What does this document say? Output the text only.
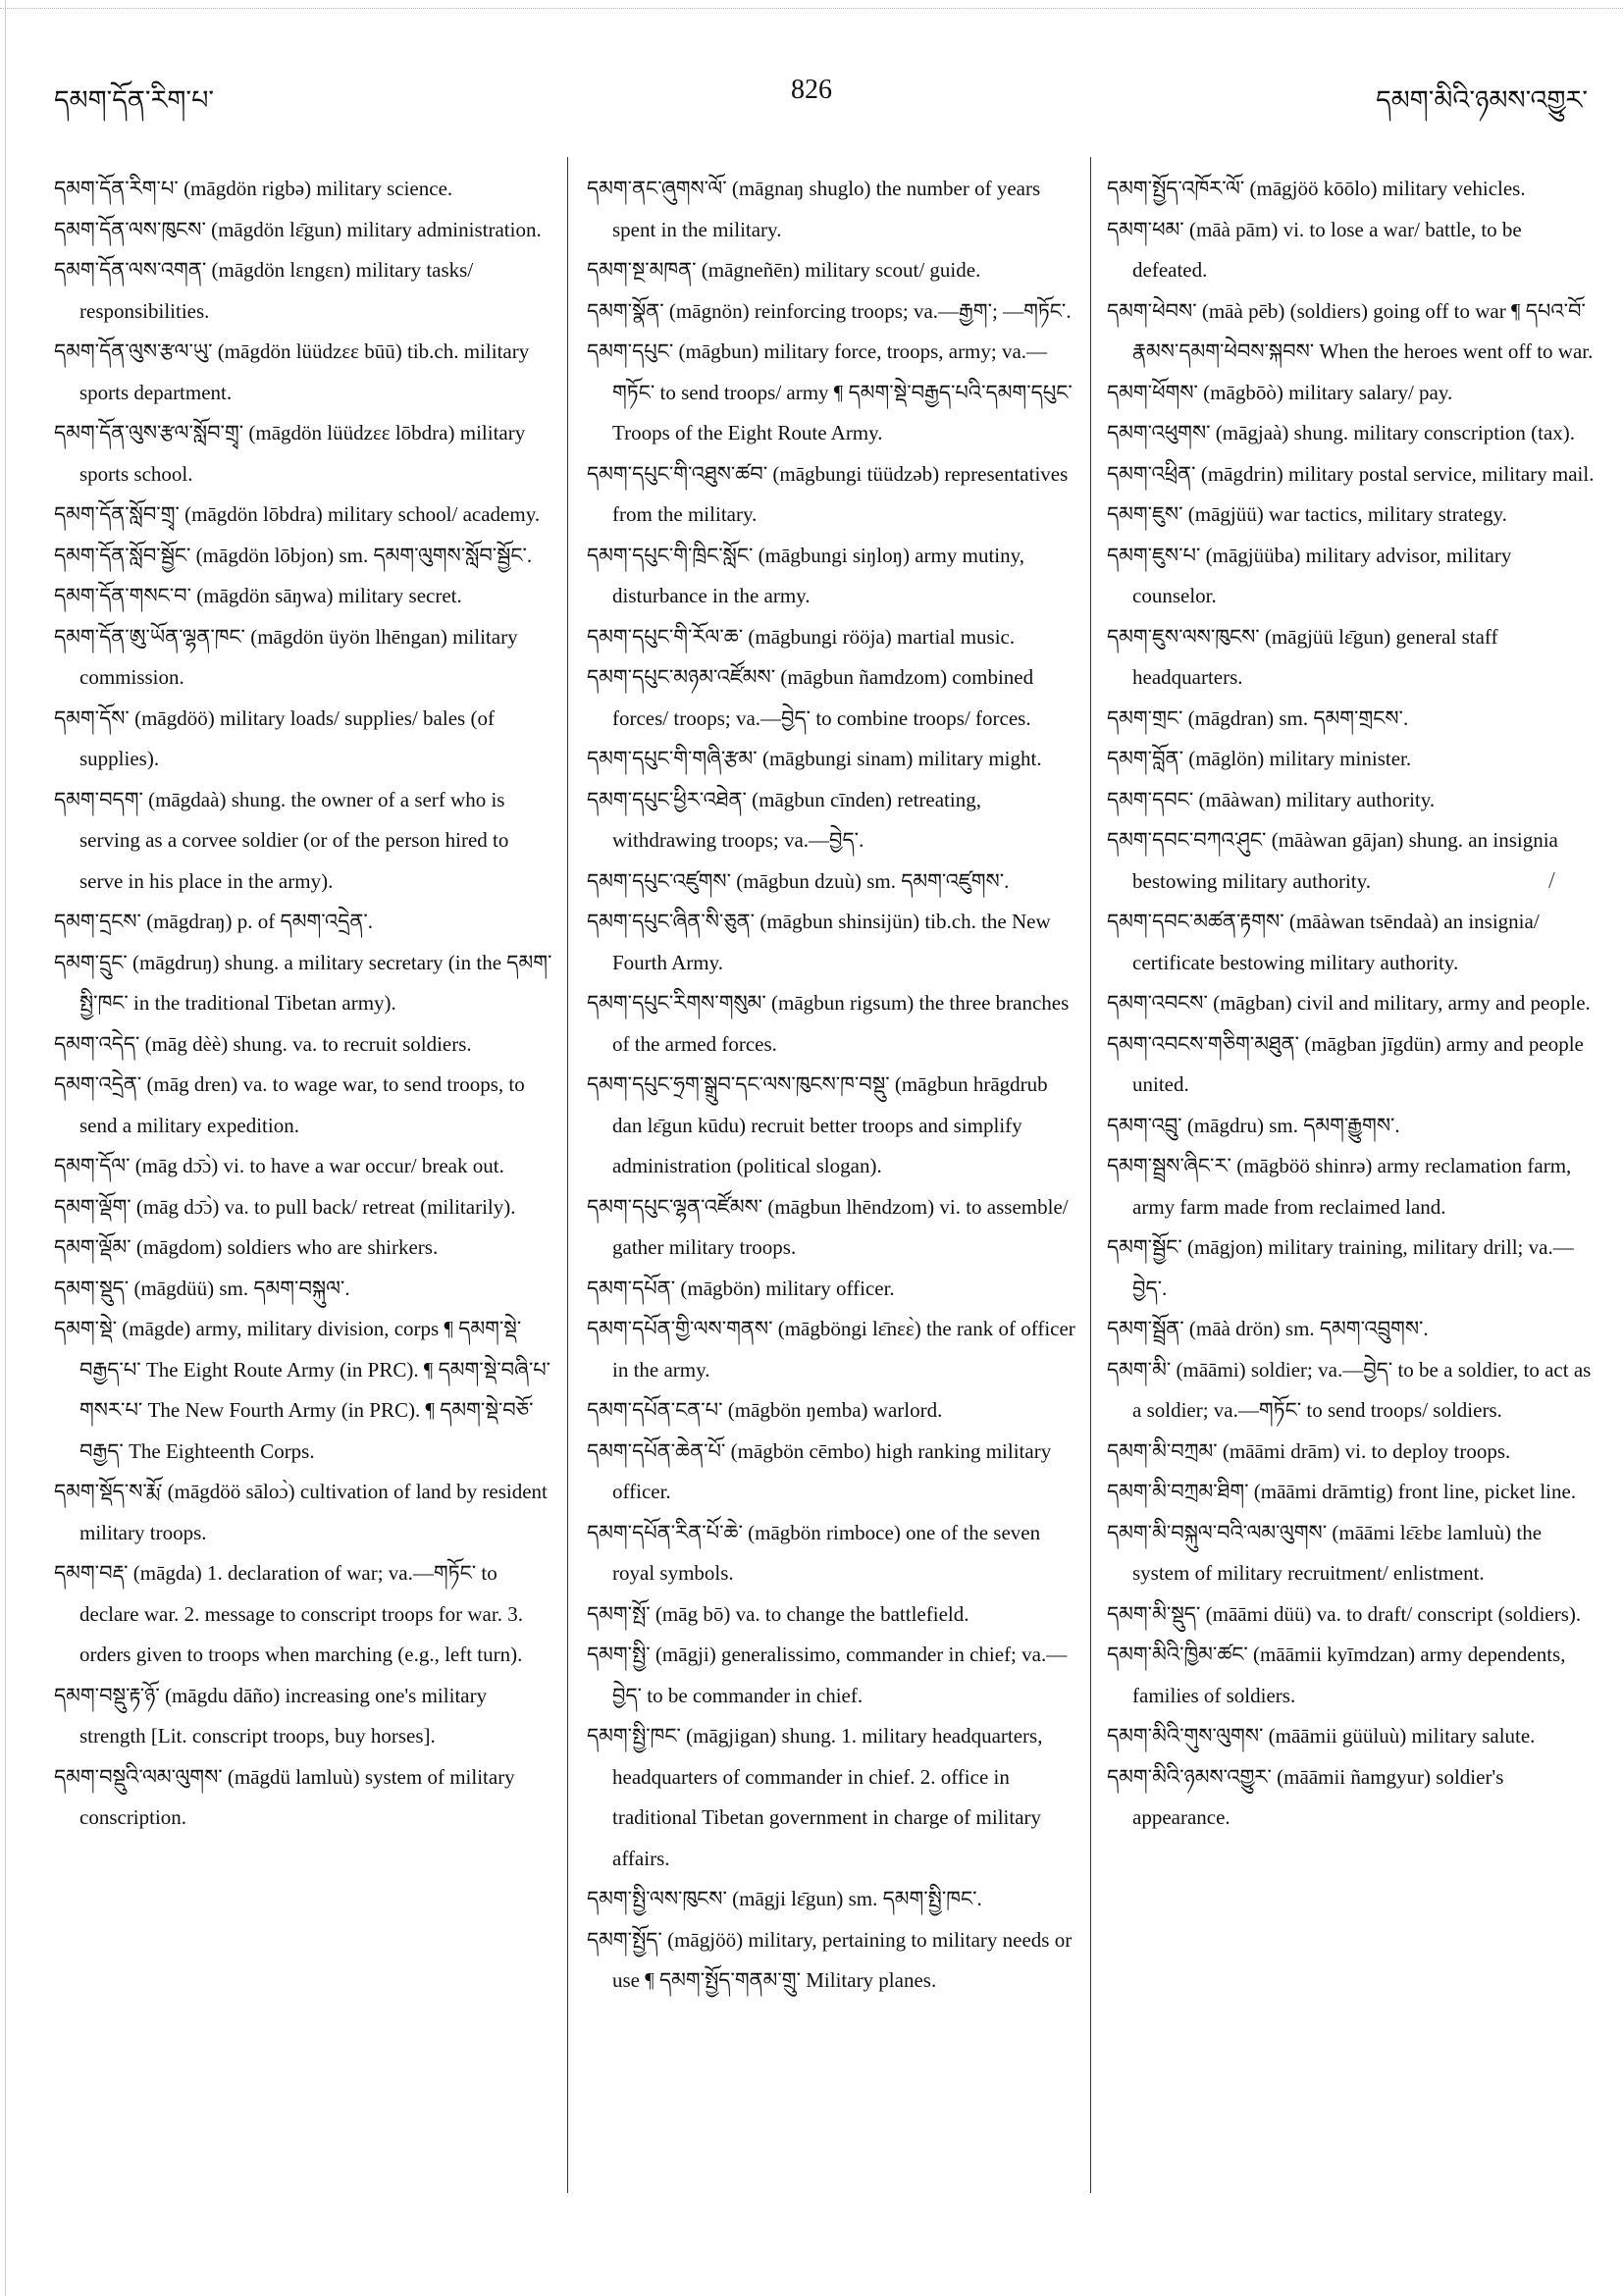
དམག་དོན་རིག་པ་	826	དམག་མིའི་ཉམས་འགྱུར་

དམག་དོན་རིག་པ་ (māgdön rigbə) military science.

དམག་དོན་ལས་ཁུངས་ (māgdön lɛ̄gun) military administration.

དམག་དོན་ལས་འགན་ (māgdön lɛngɛn) military tasks/ responsibilities.

དམག་དོན་ལུས་རྩལ་ཡུ་ (māgdön lüüdzɛɛ būū) tib.ch. military sports department.

དམག་དོན་ལུས་རྩལ་སློབ་གྲྭ་ (māgdön lüüdzɛɛ lōbdra) military sports school.

དམག་དོན་སློབ་གྲྭ་ (māgdön lōbdra) military school/ academy.

དམག་དོན་སློབ་སྦྱོང་ (māgdön lōbjon) sm. དམག་ལུགས་སློབ་སྦྱོང་.

དམག་དོན་གསང་བ་ (māgdön sāŋwa) military secret.

དམག་དོན་ཨུ་ཡོན་ལྷན་ཁང་ (māgdön üyön lhēngan) military commission.

དམག་དོས་ (māgdöö) military loads/ supplies/ bales (of supplies).

དམག་བདག་ (māgdaà) shung. the owner of a serf who is serving as a corvee soldier (or of the person hired to serve in his place in the army).

དམག་དྲངས་ (māgdraŋ) p. of དམག་འདྲེན་.

དམག་དྲུང་ (māgdruŋ) shung. a military secretary (in the དམག་སྤྱི་ཁང་ in the traditional Tibetan army).

དམག་འདེད་ (māg dèè) shung. va. to recruit soldiers.

དམག་འདྲེན་ (māg dren) va. to wage war, to send troops, to send a military expedition.

དམག་དོལ་ (māg dɔ̄ɔ̀) vi. to have a war occur/ break out.

དམག་ལྡོག་ (māg dɔ̄ɔ̀) va. to pull back/ retreat (militarily).

དམག་ལྡོམ་ (māgdom) soldiers who are shirkers.

དམག་སྡུད་ (māgdüü) sm. དམག་བསྐུལ་.

དམག་སྡེ་ (māgde) army, military division, corps ¶ དམག་སྡེ་བརྒྱད་པ་ The Eight Route Army (in PRC). ¶ དམག་སྡེ་བཞི་པ་གསར་པ་ The New Fourth Army (in PRC). ¶ དམག་སྡེ་བཅོ་བརྒྱད་ The Eighteenth Corps.

དམག་སྡོད་ས་རྨོ་ (māgdöö sāloɔ̀) cultivation of land by resident military troops.

དམག་བརྡ་ (māgda) 1. declaration of war; va.—གཏོང་ to declare war. 2. message to conscript troops for war. 3. orders given to troops when marching (e.g., left turn).

དམག་བསྡུ་རྟ་ཉོ་ (māgdu dāño) increasing one's military strength [Lit. conscript troops, buy horses].

དམག་བསྡུའི་ལམ་ལུགས་ (māgdü lamluù) system of military conscription.

དམག་ནང་ཞུགས་ལོ་ (māgnaŋ shuglo) the number of years spent in the military.

དམག་སྔ་མཁན་ (māgneñēn) military scout/ guide.

དམག་སྣོན་ (māgnön) reinforcing troops; va.—རྒྱག་; —གཏོང་.

དམག་དཔུང་ (māgbun) military force, troops, army; va.—གཏོང་ to send troops/ army ¶ དམག་སྡེ་བརྒྱད་པའི་དམག་དཔུང་ Troops of the Eight Route Army.

དམག་དཔུང་གི་འཐུས་ཚབ་ (māgbungi tüüdzəb) representatives from the military.

དམག་དཔུང་གི་ཁྲིང་སློང་ (māgbungi siŋloŋ) army mutiny, disturbance in the army.

དམག་དཔུང་གི་རོལ་ཆ་ (māgbungi rööja) martial music.

དམག་དཔུང་མཉམ་འཛོམས་ (māgbun ñamdzom) combined forces/ troops; va.—བྱེད་ to combine troops/ forces.

དམག་དཔུང་གི་གཞི་རྩམ་ (māgbungi sinam) military might.

དམག་དཔུང་ཕྱིར་འཐེན་ (māgbun cīnden) retreating, withdrawing troops; va.—བྱེད་.

དམག་དཔུང་འཛུགས་ (māgbun dzuù) sm. དམག་འཛུགས་.

དམག་དཔུང་ཞིན་སི་ཅུན་ (māgbun shinsijün) tib.ch. the New Fourth Army.

དམག་དཔུང་རིགས་གསུམ་ (māgbun rigsum) the three branches of the armed forces.

དམག་དཔུང་ཧྲག་སྒྲུབ་དང་ལས་ཁུངས་ཁ་བསྡུ་ (māgbun hrāgdrub dan lɛ̄gun kūdu) recruit better troops and simplify administration (political slogan).

དམག་དཔུང་ལྷན་འཛོམས་ (māgbun lhēndzom) vi. to assemble/ gather military troops.

དམག་དཔོན་ (māgbön) military officer.

དམག་དཔོན་གྱི་ལས་གནས་ (māgböngi lɛ̄nɛɛ̀) the rank of officer in the army.

དམག་དཔོན་ངན་པ་ (māgbön ŋemba) warlord.

དམག་དཔོན་ཆེན་པོ་ (māgbön cēmbo) high ranking military officer.

དམག་དཔོན་རིན་པོ་ཆེ་ (māgbön rimboce) one of the seven royal symbols.

དམག་སྤོ་ (māg bō) va. to change the battlefield.

དམག་སྤྱི་ (māgji) generalissimo, commander in chief; va.—བྱེད་ to be commander in chief.

དམག་སྤྱི་ཁང་ (māgjigan) shung. 1. military headquarters, headquarters of commander in chief. 2. office in traditional Tibetan government in charge of military affairs.

དམག་སྤྱི་ལས་ཁུངས་ (māgji lɛ̄gun) sm. དམག་སྤྱི་ཁང་.

དམག་སྤྱོད་ (māgjöö) military, pertaining to military needs or use ¶ དམག་སྤྱོད་གནམ་གྲུ་ Military planes.

དམག་སྤྱོད་འཁོར་ལོ་ (māgjöö kōōlo) military vehicles.

དམག་ཕམ་ (māà pām) vi. to lose a war/ battle, to be defeated.

དམག་ཕེབས་ (māà pēb) (soldiers) going off to war ¶ དཔའ་བོ་རྣམས་དམག་ཕེབས་སྐབས་ When the heroes went off to war.

དམག་ཕོགས་ (māgbōò) military salary/ pay.

དམག་འཕུགས་ (māgjaà) shung. military conscription (tax).

དམག་འཕྲིན་ (māgdrin) military postal service, military mail.

དམག་ཇུས་ (māgjüü) war tactics, military strategy.

དམག་ཇུས་པ་ (māgjüüba) military advisor, military counselor.

དམག་ཇུས་ལས་ཁུངས་ (māgjüü lɛ̄gun) general staff headquarters.

དམག་གྲང་ (māgdran) sm. དམག་གྲངས་.

དམག་བློན་ (māglön) military minister.

དམག་དབང་ (māàwan) military authority.

དམག་དབང་བཀའ་ཤུང་ (māàwan gājan) shung. an insignia bestowing military authority.

དམག་དབང་མཚན་རྟགས་ (māàwan tsēndaà) an insignia/ certificate bestowing military authority.

དམག་འབངས་ (māgban) civil and military, army and people.

དམག་འབངས་གཅིག་མཐུན་ (māgban jīgdün) army and people united.

དམག་འབྲུ་ (māgdru) sm. དམག་རྒྱུགས་.

དམག་སྦྲས་ཞིང་ར་ (māgböö shinrə) army reclamation farm, army farm made from reclaimed land.

དམག་སྦྱོང་ (māgjon) military training, military drill; va.—བྱེད་.

དམག་སྦྲོན་ (māà drön) sm. དམག་འབྲུགས་.

དམག་མི་ (māāmi) soldier; va.—བྱེད་ to be a soldier, to act as a soldier; va.—གཏོང་ to send troops/ soldiers.

དམག་མི་བཀྲམ་ (māāmi drām) vi. to deploy troops.

དམག་མི་བཀྲམ་ཐིག་ (māāmi drāmtig) front line, picket line.

དམག་མི་བསྐུལ་བའི་ལམ་ལུགས་ (māāmi lɛ̄ɛbɛ lamluù) the system of military recruitment/ enlistment.

དམག་མི་སྡུད་ (māāmi düü) va. to draft/ conscript (soldiers).

དམག་མིའི་ཁྱིམ་ཚང་ (māāmii kyīmdzan) army dependents, families of soldiers.

དམག་མིའི་གུས་ལུགས་ (māāmii güüluù) military salute.

དམག་མིའི་ཉམས་འགྱུར་ (māāmii ñamgyur) soldier's appearance.

/
